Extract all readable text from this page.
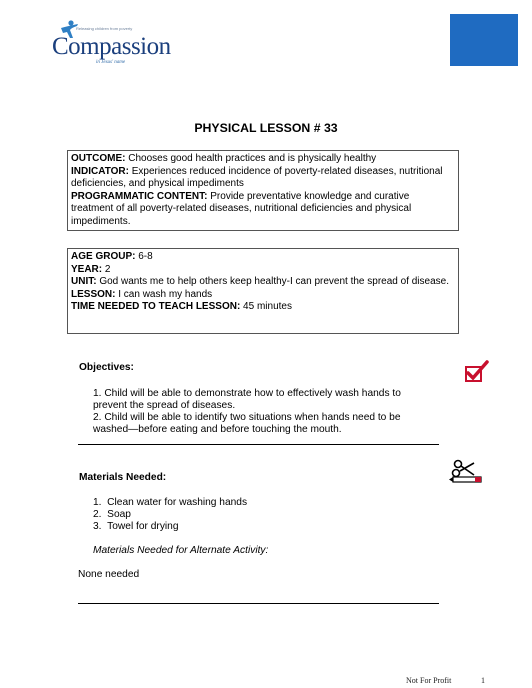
Releasing children from poverty
Compassion
in Jesus' name
PHYSICAL LESSON # 33

OUTCOME: Chooses good health practices and is physically healthy

INDICATOR: Experiences reduced incidence of poverty-related diseases, nutritional deficiencies, and physical impediments

PROGRAMMATIC CONTENT: Provide preventative knowledge and curative treatment of all poverty-related diseases, nutritional deficiencies and physical impediments.

AGE GROUP: 6-8

YEAR: 2

UNIT: God wants me to help others keep healthy-I can prevent the spread of disease.

LESSON: I can wash my hands

TIME NEEDED TO TEACH LESSON: 45 minutes

Objectives:
1. Child will be able to demonstrate how to effectively wash hands to prevent the spread of diseases.
2. Child will be able to identify two situations when hands need to be washed—before eating and before touching the mouth.
Materials Needed:
1.  Clean water for washing hands
2.  Soap
3.  Towel for drying
Materials Needed for Alternate Activity:
None needed
Not For Profit	1
